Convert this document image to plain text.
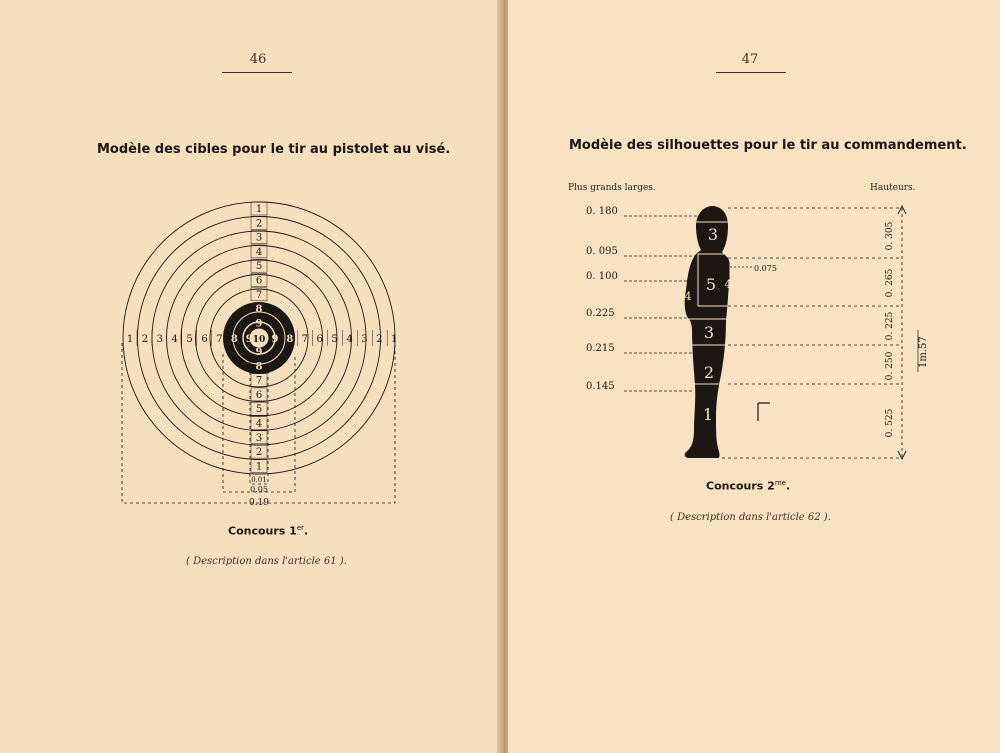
46
Modèle des cibles pour le tir au pistolet au visé.
1
2
3
4
5
6
7
8
9
9
8
7
6
5
4
3
2
1
1 2 3 4 5 6 7 8 9 9 8 7 6 5 4 3 2 1
10
0.01
0.05
0.19
Concours 1er.
( Description dans l'article 61 ).
47
Modèle des silhouettes pour le tir au commandement.
Plus grands larges.	Hauteurs.
3
5
4
4
3
2
1
0. 180
0. 095
0. 100
0.225
0.215
0.145
0.075
0. 305
0. 265
0. 225
0. 250
0. 525
1m.57
Concours $2^{me}$.
( Description dans l'article 62 ).
